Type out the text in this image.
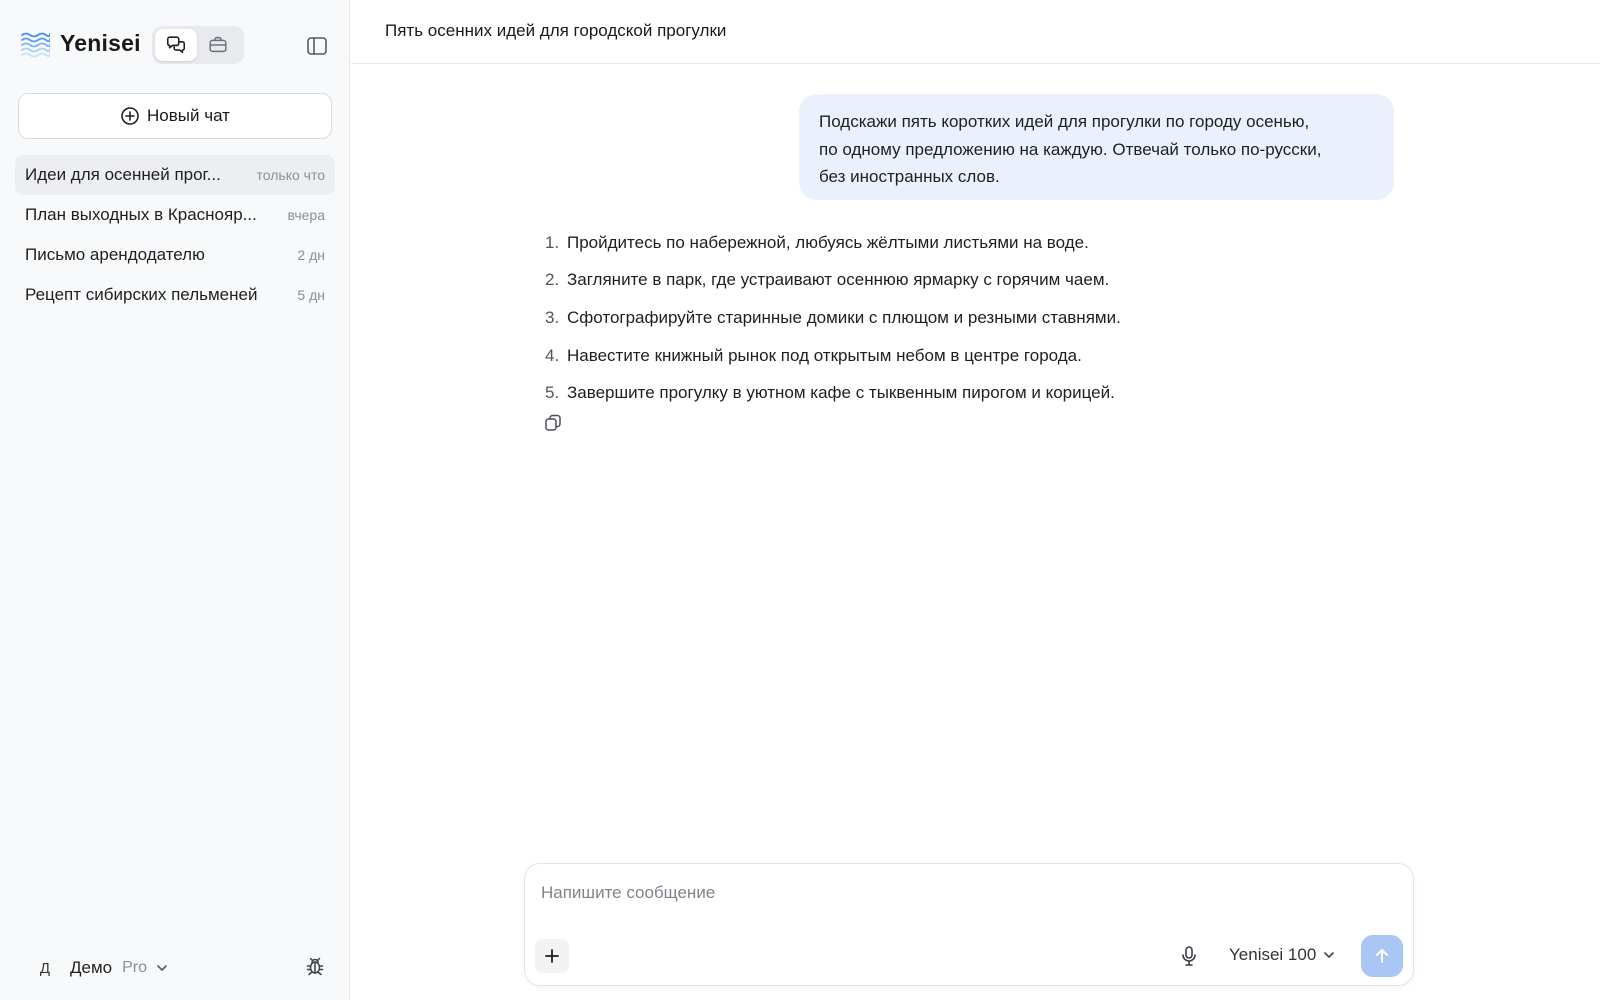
Yenisei
Новый чат
Идеи для осенней прог...	только что
План выходных в Краснояр... вчера
Письмо арендодателю	2 дн
Рецепт сибирских пельменей	5 дн
Д	Демо Pro
Пять осенних идей для городской прогулки
Подскажи пять коротких идей для прогулки по городу осенью,
по одному предложению на каждую. Отвечай только по-русски,
без иностранных слов.
1. Пройдитесь по набережной, любуясь жёлтыми листьями на воде.
2. Загляните в парк, где устраивают осеннюю ярмарку с горячим чаем.
3. Сфотографируйте старинные домики с плющом и резными ставнями.
4. Навестите книжный рынок под открытым небом в центре города.
5. Завершите прогулку в уютном кафе с тыквенным пирогом и корицей.
Напишите сообщение
Yenisei 100
